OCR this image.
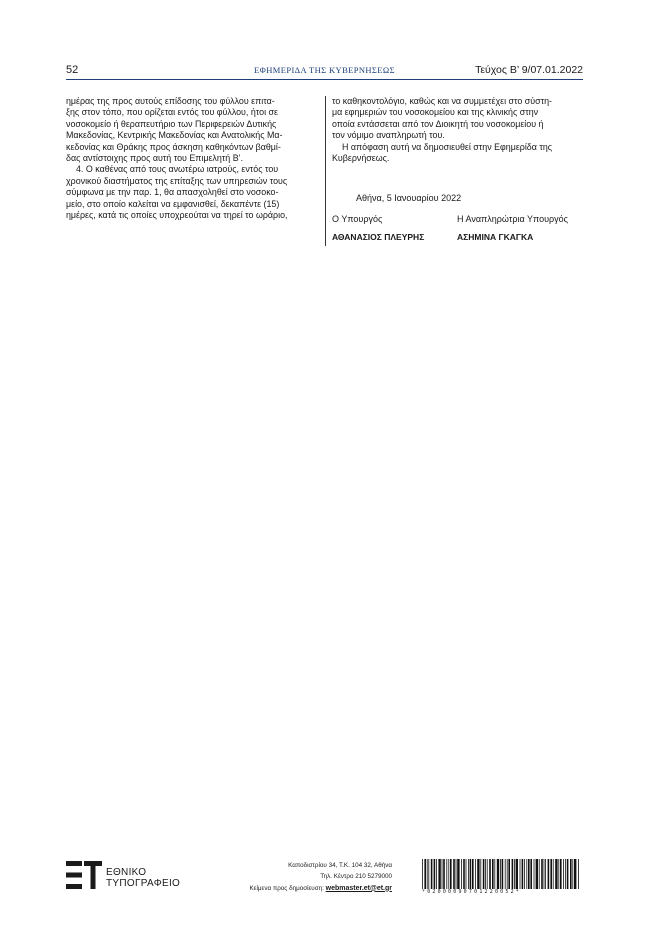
52	ΕΦΗΜΕΡΙΔΑ ΤΗΣ ΚΥΒΕΡΝΗΣΕΩΣ	Τεύχος Β’ 9/07.01.2022

ημέρας της προς αυτούς επίδοσης του φύλλου επιτα-

ξης στον τόπο, που ορίζεται εντός του φύλλου, ήτοι σε

νοσοκομείο ή θεραπευτήριο των Περιφερειών Δυτικής

Μακεδονίας, Κεντρικής Μακεδονίας και Ανατολικής Μα-

κεδονίας και Θράκης προς άσκηση καθηκόντων βαθμί-

δας αντίστοιχης προς αυτή του Επιμελητή Β’.

4. Ο καθένας από τους ανωτέρω ιατρούς, εντός του

χρονικού διαστήματος της επίταξης των υπηρεσιών τους

σύμφωνα με την παρ. 1, θα απασχοληθεί στο νοσοκο-

μείο, στο οποίο καλείται να εμφανισθεί, δεκαπέντε (15)

ημέρες, κατά τις οποίες υποχρεούται να τηρεί το ωράριο,

το καθηκοντολόγιο, καθώς και να συμμετέχει στο σύστη-

μα εφημεριών του νοσοκομείου και της κλινικής στην

οποία εντάσσεται από τον Διοικητή του νοσοκομείου ή

τον νόμιμο αναπληρωτή του.

Η απόφαση αυτή να δημοσιευθεί στην Εφημερίδα της

Κυβερνήσεως.

Αθήνα, 5 Ιανουαρίου 2022
Ο Υπουργός
ΑΘΑΝΑΣΙΟΣ ΠΛΕΥΡΗΣ
Η Αναπληρώτρια Υπουργός
ΑΣΗΜΙΝΑ ΓΚΑΓΚΑ
ΕΘΝΙΚΟ
ΤΥΠΟΓΡΑΦΕΙΟ
Καποδιστρίου 34, Τ.Κ. 104 32, Αθήνα
Τηλ. Κέντρο 210 5279000
Κείμενα προς δημοσίευση: webmaster.et@et.gr
*02000090701220052*
